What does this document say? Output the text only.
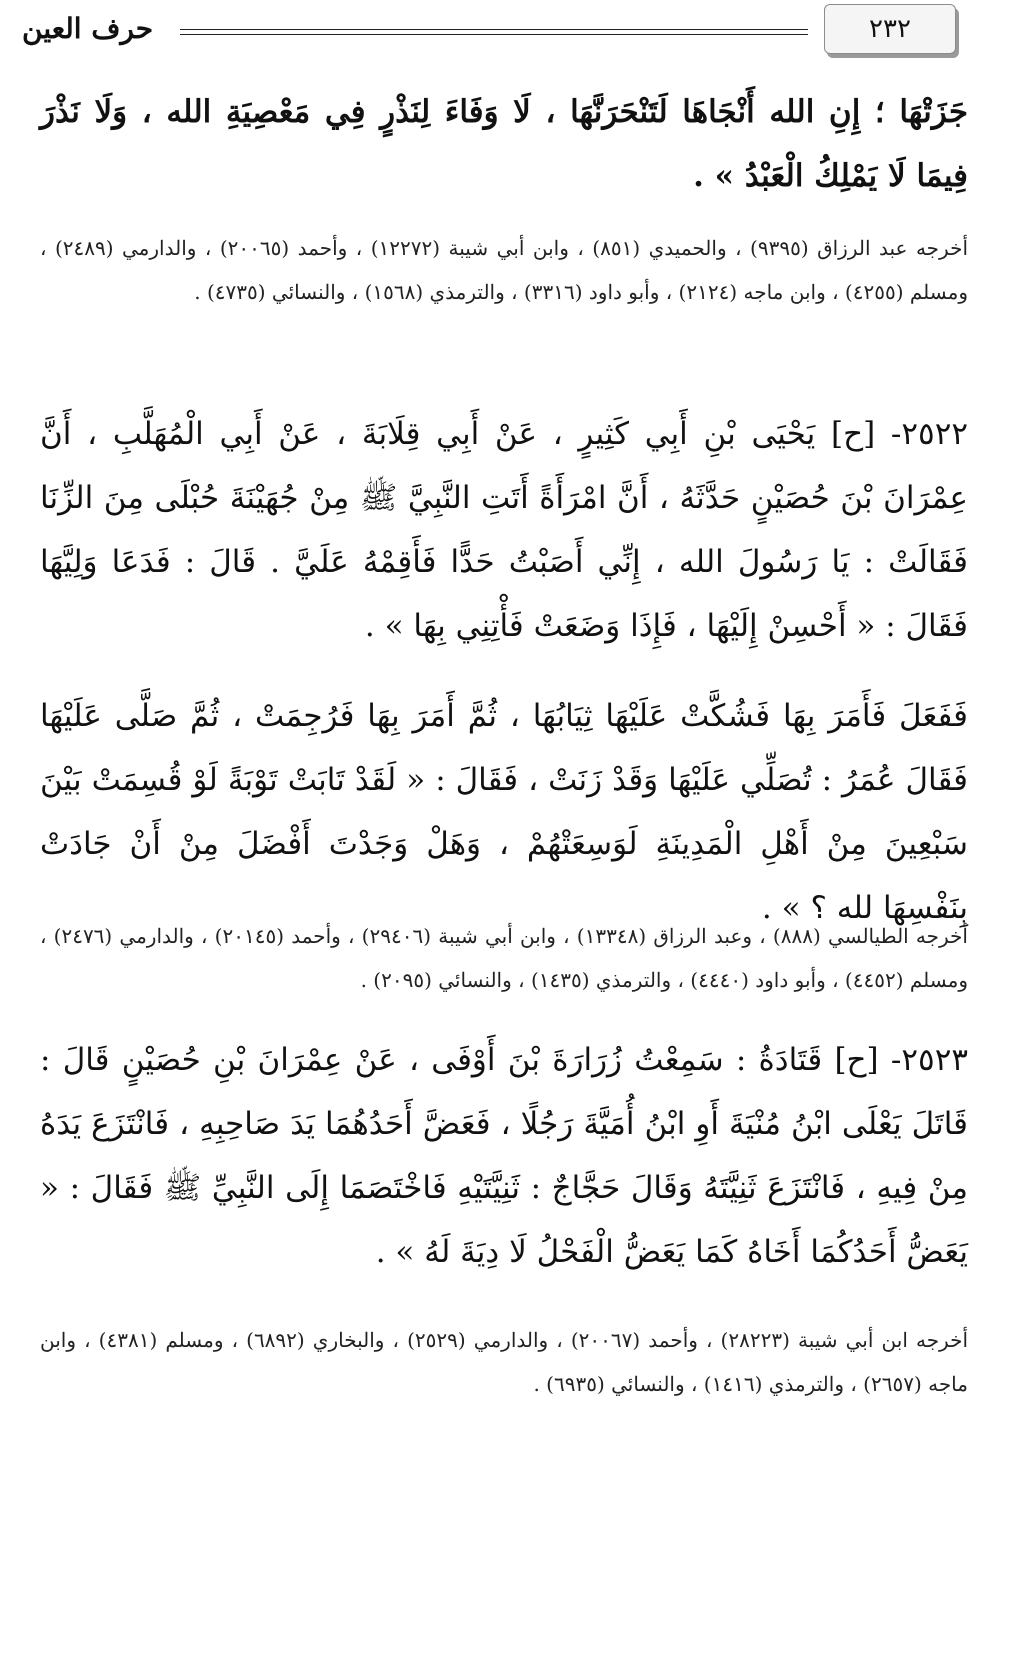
٢٣٢
حرف العين
جَزَتْهَا ؛ إِنِ الله أَنْجَاهَا لَتَنْحَرَنَّهَا ، لَا وَفَاءَ لِنَذْرٍ فِي مَعْصِيَةِ الله ، وَلَا نَذْرَ فِيمَا لَا يَمْلِكُ الْعَبْدُ » .
أخرجه عبد الرزاق (٩٣٩٥) ، والحميدي (٨٥١) ، وابن أبي شيبة (١٢٢٧٢) ، وأحمد (٢٠٠٦٥) ، والدارمي (٢٤٨٩) ، ومسلم (٤٢٥٥) ، وابن ماجه (٢١٢٤) ، وأبو داود (٣٣١٦) ، والترمذي (١٥٦٨) ، والنسائي (٤٧٣٥) .
٢٥٢٢- [ح] يَحْيَى بْنِ أَبِي كَثِيرٍ ، عَنْ أَبِي قِلَابَةَ ، عَنْ أَبِي الْمُهَلَّبِ ، أَنَّ عِمْرَانَ بْنَ حُصَيْنٍ حَدَّثَهُ ، أَنَّ امْرَأَةً أَتَتِ النَّبِيَّ ﷺ مِنْ جُهَيْنَةَ حُبْلَى مِنَ الزِّنَا فَقَالَتْ : يَا رَسُولَ الله ، إِنِّي أَصَبْتُ حَدًّا فَأَقِمْهُ عَلَيَّ . قَالَ : فَدَعَا وَلِيَّهَا فَقَالَ : « أَحْسِنْ إِلَيْهَا ، فَإِذَا وَضَعَتْ فَأْتِنِي بِهَا » .
فَفَعَلَ فَأَمَرَ بِهَا فَشُكَّتْ عَلَيْهَا ثِيَابُهَا ، ثُمَّ أَمَرَ بِهَا فَرُجِمَتْ ، ثُمَّ صَلَّى عَلَيْهَا فَقَالَ عُمَرُ : تُصَلِّي عَلَيْهَا وَقَدْ زَنَتْ ، فَقَالَ : « لَقَدْ تَابَتْ تَوْبَةً لَوْ قُسِمَتْ بَيْنَ سَبْعِينَ مِنْ أَهْلِ الْمَدِينَةِ لَوَسِعَتْهُمْ ، وَهَلْ وَجَدْتَ أَفْضَلَ مِنْ أَنْ جَادَتْ بِنَفْسِهَا لله ؟ » .
أخرجه الطيالسي (٨٨٨) ، وعبد الرزاق (١٣٣٤٨) ، وابن أبي شيبة (٢٩٤٠٦) ، وأحمد (٢٠١٤٥) ، والدارمي (٢٤٧٦) ، ومسلم (٤٤٥٢) ، وأبو داود (٤٤٤٠) ، والترمذي (١٤٣٥) ، والنسائي (٢٠٩٥) .
٢٥٢٣- [ح] قَتَادَةُ : سَمِعْتُ زُرَارَةَ بْنَ أَوْفَى ، عَنْ عِمْرَانَ بْنِ حُصَيْنٍ قَالَ : قَاتَلَ يَعْلَى ابْنُ مُنْيَةَ أَوِ ابْنُ أُمَيَّةَ رَجُلًا ، فَعَضَّ أَحَدُهُمَا يَدَ صَاحِبِهِ ، فَانْتَزَعَ يَدَهُ مِنْ فِيهِ ، فَانْتَزَعَ ثَنِيَّتَهُ وَقَالَ حَجَّاجٌ : ثَنِيَّتَيْهِ فَاخْتَصَمَا إِلَى النَّبِيِّ ﷺ فَقَالَ : « يَعَضُّ أَحَدُكُمَا أَخَاهُ كَمَا يَعَضُّ الْفَحْلُ لَا دِيَةَ لَهُ » .
أخرجه ابن أبي شيبة (٢٨٢٢٣) ، وأحمد (٢٠٠٦٧) ، والدارمي (٢٥٢٩) ، والبخاري (٦٨٩٢) ، ومسلم (٤٣٨١) ، وابن ماجه (٢٦٥٧) ، والترمذي (١٤١٦) ، والنسائي (٦٩٣٥) .
